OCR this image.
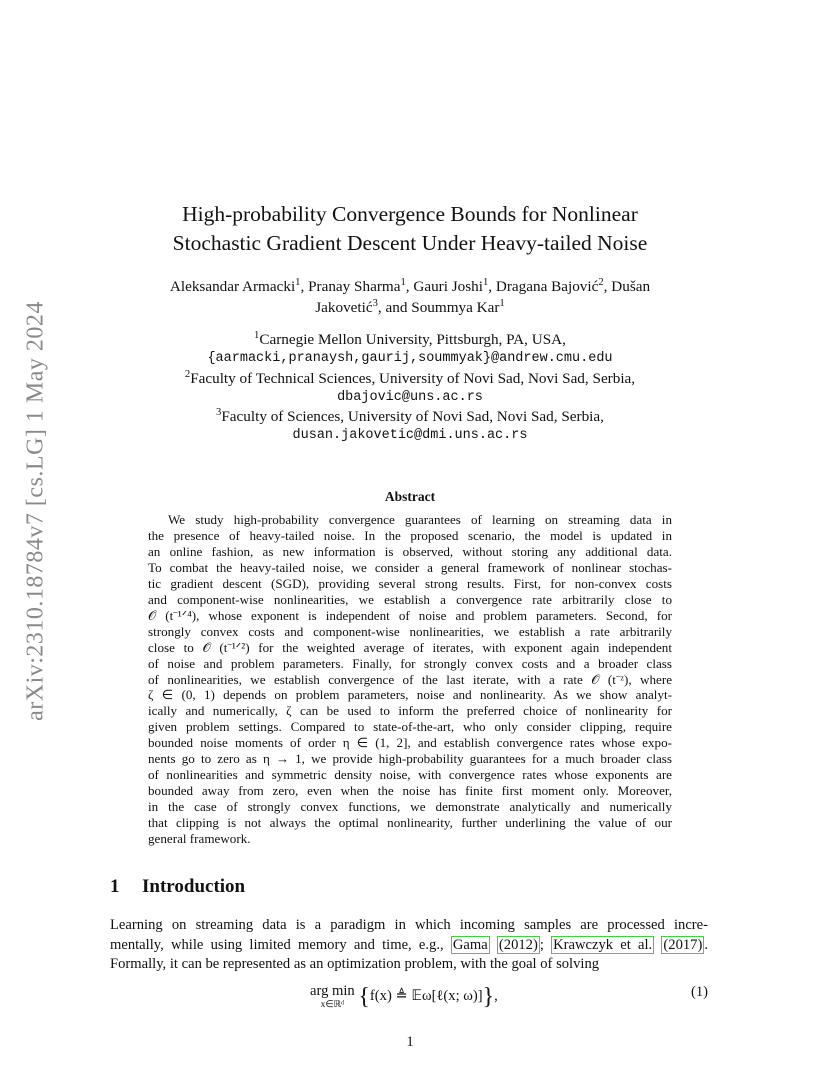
arXiv:2310.18784v7 [cs.LG] 1 May 2024
High-probability Convergence Bounds for Nonlinear
Stochastic Gradient Descent Under Heavy-tailed Noise
Aleksandar Armacki$^1$, Pranay Sharma$^1$, Gauri Joshi$^1$, Dragana Bajović$^2$, Dušan
Jakovetić$^3$, and Soummya Kar$^1$
$^1$Carnegie Mellon University, Pittsburgh, PA, USA,
{aarmacki,pranaysh,gaurij,soummyak}@andrew.cmu.edu
$^2$Faculty of Technical Sciences, University of Novi Sad, Novi Sad, Serbia,
dbajovic@uns.ac.rs
$^3$Faculty of Sciences, University of Novi Sad, Novi Sad, Serbia,
dusan.jakovetic@dmi.uns.ac.rs
Abstract
We study high-probability convergence guarantees of learning on streaming data in
the presence of heavy-tailed noise. In the proposed scenario, the model is updated in
an online fashion, as new information is observed, without storing any additional data.
To combat the heavy-tailed noise, we consider a general framework of nonlinear stochas-
tic gradient descent (SGD), providing several strong results. First, for non-convex costs
and component-wise nonlinearities, we establish a convergence rate arbitrarily close to
𝒪 (t⁻¹ᐟ⁴), whose exponent is independent of noise and problem parameters. Second, for
strongly convex costs and component-wise nonlinearities, we establish a rate arbitrarily
close to 𝒪 (t⁻¹ᐟ²) for the weighted average of iterates, with exponent again independent
of noise and problem parameters. Finally, for strongly convex costs and a broader class
of nonlinearities, we establish convergence of the last iterate, with a rate 𝒪 (t⁻ᶻ), where
ζ ∈ (0, 1) depends on problem parameters, noise and nonlinearity. As we show analyt-
ically and numerically, ζ can be used to inform the preferred choice of nonlinearity for
given problem settings. Compared to state-of-the-art, who only consider clipping, require
bounded noise moments of order η ∈ (1, 2], and establish convergence rates whose expo-
nents go to zero as η → 1, we provide high-probability guarantees for a much broader class
of nonlinearities and symmetric density noise, with convergence rates whose exponents are
bounded away from zero, even when the noise has finite first moment only. Moreover,
in the case of strongly convex functions, we demonstrate analytically and numerically
that clipping is not always the optimal nonlinearity, further underlining the value of our
general framework.
1 Introduction
Learning on streaming data is a paradigm in which incoming samples are processed incre-
mentally, while using limited memory and time, e.g., Gama (2012) ; Krawczyk et al. (2017) .
Formally, it can be represented as an optimization problem, with the goal of solving
arg min
x∈ℝᵈ {f(x) ≜ 𝔼ω[ℓ(x; ω)]},	(1)
1
